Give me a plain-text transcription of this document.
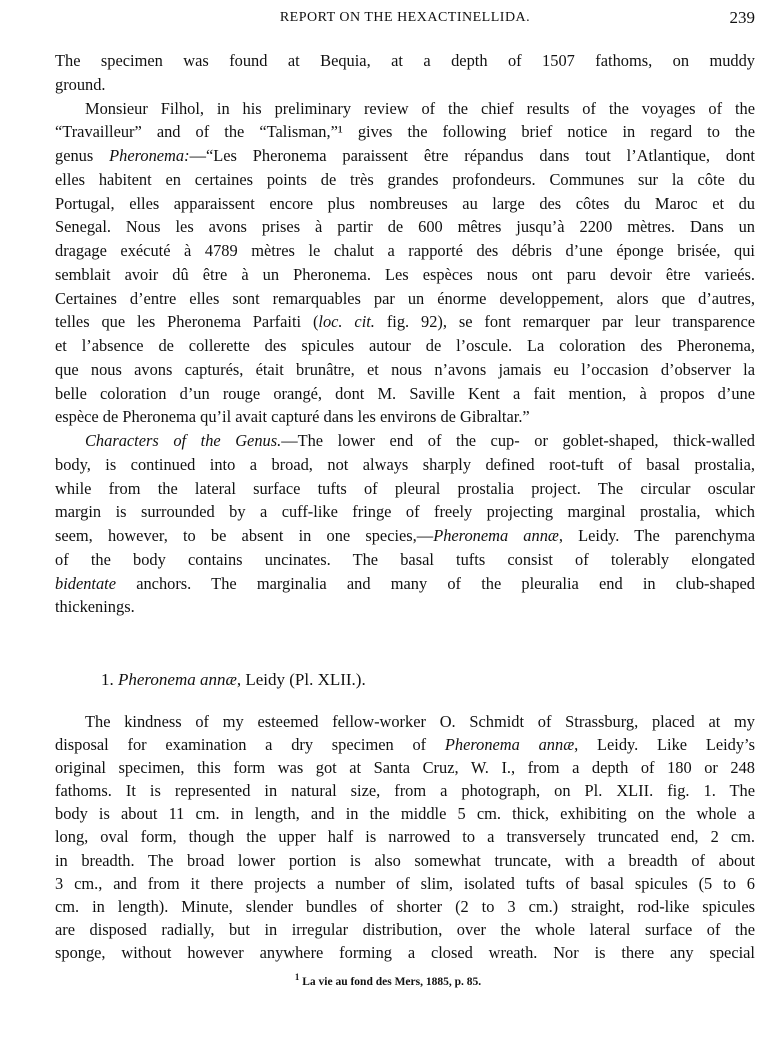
REPORT ON THE HEXACTINELLIDA.	239
The specimen was found at Bequia, at a depth of 1507 fathoms, on muddy
ground.
Monsieur Filhol, in his preliminary review of the chief results of the voyages of the
“Travailleur” and of the “Talisman,”¹ gives the following brief notice in regard to the
genus Pheronema:—“Les Pheronema paraissent être répandus dans tout l’Atlantique, dont
elles habitent en certaines points de très grandes profondeurs. Communes sur la côte du
Portugal, elles apparaissent encore plus nombreuses au large des côtes du Maroc et du
Senegal. Nous les avons prises à partir de 600 mêtres jusqu’à 2200 mètres. Dans un
dragage exécuté à 4789 mètres le chalut a rapporté des débris d’une éponge brisée, qui
semblait avoir dû être à un Pheronema. Les espèces nous ont paru devoir être varieés.
Certaines d’entre elles sont remarquables par un énorme developpement, alors que d’autres,
telles que les Pheronema Parfaiti (loc. cit. fig. 92), se font remarquer par leur transparence
et l’absence de collerette des spicules autour de l’oscule. La coloration des Pheronema,
que nous avons capturés, était brunâtre, et nous n’avons jamais eu l’occasion d’observer la
belle coloration d’un rouge orangé, dont M. Saville Kent a fait mention, à propos d’une
espèce de Pheronema qu’il avait capturé dans les environs de Gibraltar.”
Characters of the Genus.—The lower end of the cup- or goblet-shaped, thick-walled
body, is continued into a broad, not always sharply defined root-tuft of basal prostalia,
while from the lateral surface tufts of pleural prostalia project. The circular oscular
margin is surrounded by a cuff-like fringe of freely projecting marginal prostalia, which
seem, however, to be absent in one species,—Pheronema annæ, Leidy. The parenchyma
of the body contains uncinates. The basal tufts consist of tolerably elongated
bidentate anchors. The marginalia and many of the pleuralia end in club-shaped
thickenings.
1. Pheronema annæ, Leidy (Pl. XLII.).
The kindness of my esteemed fellow-worker O. Schmidt of Strassburg, placed at my
disposal for examination a dry specimen of Pheronema annæ, Leidy. Like Leidy’s
original specimen, this form was got at Santa Cruz, W. I., from a depth of 180 or 248
fathoms. It is represented in natural size, from a photograph, on Pl. XLII. fig. 1. The
body is about 11 cm. in length, and in the middle 5 cm. thick, exhibiting on the whole a
long, oval form, though the upper half is narrowed to a transversely truncated end, 2 cm.
in breadth. The broad lower portion is also somewhat truncate, with a breadth of about
3 cm., and from it there projects a number of slim, isolated tufts of basal spicules (5 to 6
cm. in length). Minute, slender bundles of shorter (2 to 3 cm.) straight, rod-like spicules
are disposed radially, but in irregular distribution, over the whole lateral surface of the
sponge, without however anywhere forming a closed wreath. Nor is there any special
$^1$ La vie au fond des Mers, 1885, p. 85.
